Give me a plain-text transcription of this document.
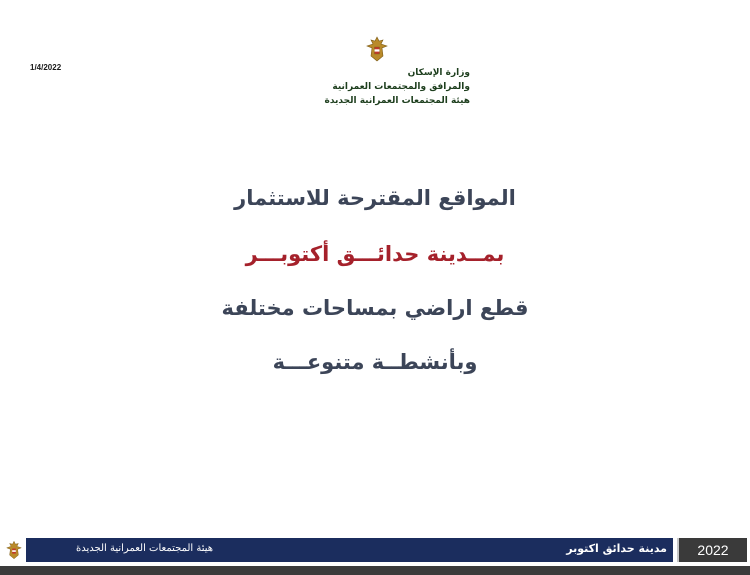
1/4/2022
وزارة الإسكان
والمرافق والمجتمعات العمرانية
هيئة المجتمعات العمرانية الجديدة
المواقع المقترحة للاستثمار
بمــدينة حدائـــق أكتوبـــر
قطع اراضي بمساحات مختلفة
وبأنشطــة متنوعـــة
هيئة المجتمعات العمرانية الجديدة	مدينة حدائق اكتوبر	2022
